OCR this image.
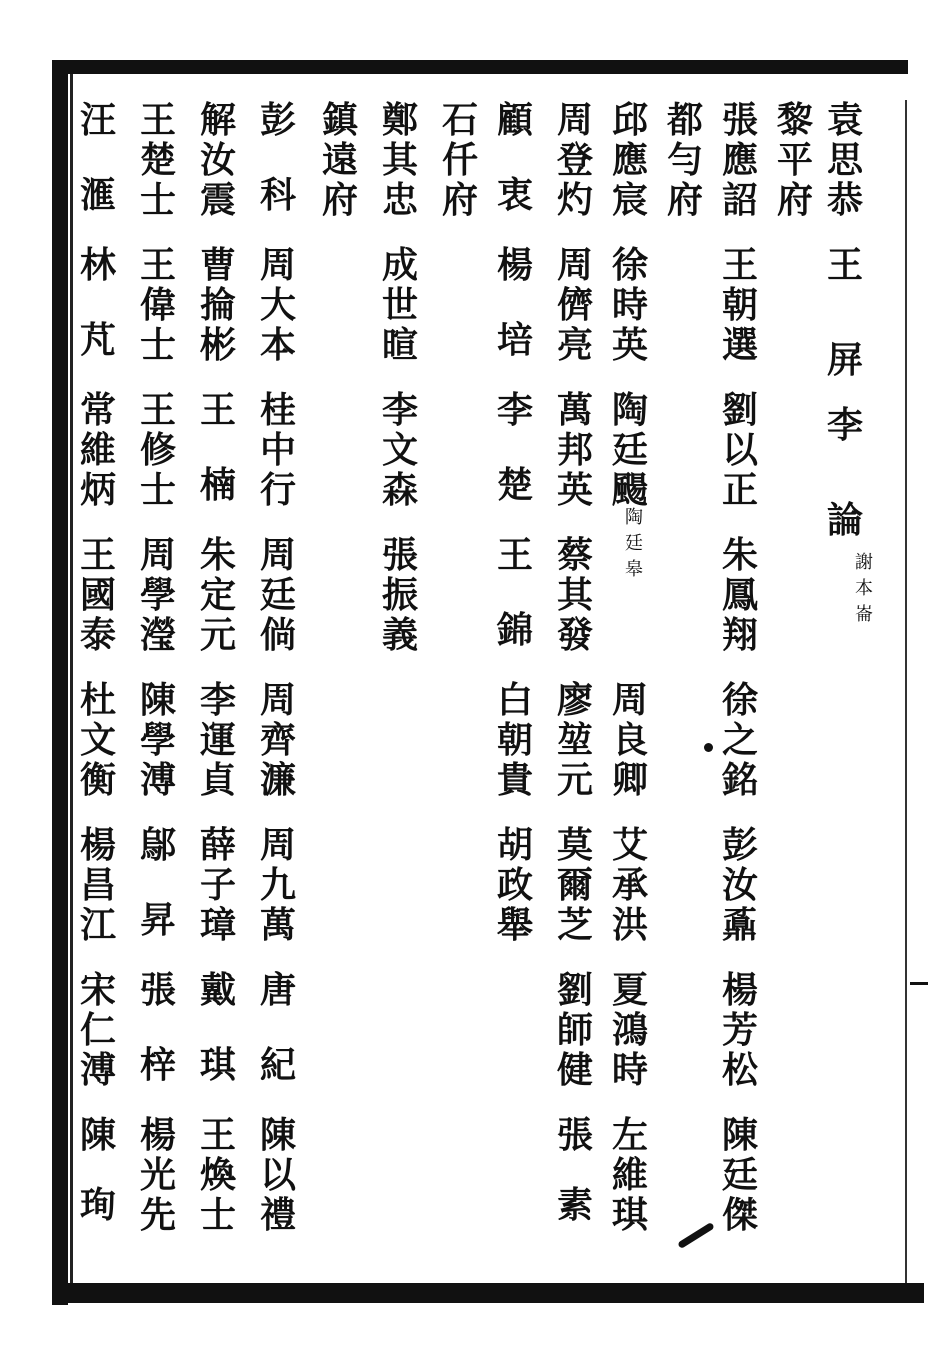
袁
思
恭
王
屏
李
論
謝
本
崙
黎
平
府
張
應
詔
王
朝
選
劉
以
正
朱
鳳
翔
徐
之
銘
彭
汝
鼒
楊
芳
松
陳
廷
傑
都
勻
府
邱
應
宸
徐
時
英
陶
廷
颺
周
良
卿
艾
承
洪
夏
鴻
時
左
維
琪
陶
廷
皋
周
登
灼
周
儕
亮
萬
邦
英
蔡
其
發
廖
堃
元
莫
爾
芝
劉
師
健
張
素
顧
衷
楊
培
李
楚
王
錦
白
朝
貴
胡
政
舉
石
仟
府
鄭
其
忠
成
世
暄
李
文
森
張
振
義
鎮
遠
府
彭
科
周
大
本
桂
中
行
周
廷
倘
周
齊
濂
周
九
萬
唐
紀
陳
以
禮
解
汝
震
曹
掄
彬
王
楠
朱
定
元
李
運
貞
薛
子
璋
戴
琪
王
煥
士
王
楚
士
王
偉
士
王
修
士
周
學
瀅
陳
學
溥
鄔
昇
張
梓
楊
光
先
汪
滙
林
芃
常
維
炳
王
國
泰
杜
文
衡
楊
昌
江
宋
仁
溥
陳
珣
